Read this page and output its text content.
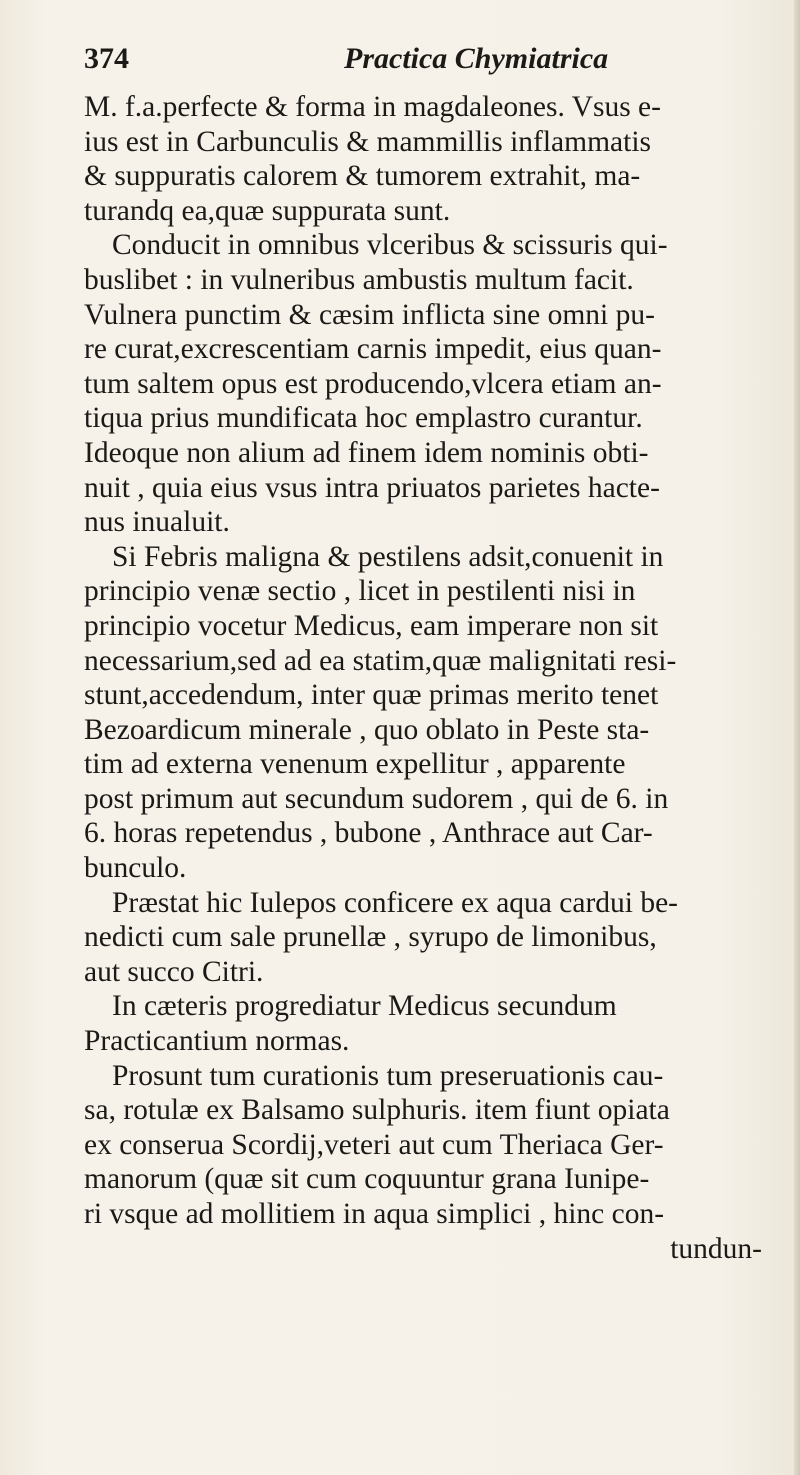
374	Practica Chymiatrica
M. f.a.perfecte & forma in magdaleones. Vsus e-
ius est in Carbunculis & mammillis inflammatis
& suppuratis calorem & tumorem extrahit, ma-
turandq ea,quæ suppurata sunt.
Conducit in omnibus vlceribus & scissuris qui-
buslibet : in vulneribus ambustis multum facit.
Vulnera punctim & cæsim inflicta sine omni pu-
re curat,excrescentiam carnis impedit, eius quan-
tum saltem opus est producendo,vlcera etiam an-
tiqua prius mundificata hoc emplastro curantur.
Ideoque non alium ad finem idem nominis obti-
nuit , quia eius vsus intra priuatos parietes hacte-
nus inualuit.
Si Febris maligna & pestilens adsit,conuenit in
principio venæ sectio , licet in pestilenti nisi in
principio vocetur Medicus, eam imperare non sit
necessarium,sed ad ea statim,quæ malignitati resi-
stunt,accedendum, inter quæ primas merito tenet
Bezoardicum minerale , quo oblato in Peste sta-
tim ad externa venenum expellitur , apparente
post primum aut secundum sudorem , qui de 6. in
6. horas repetendus , bubone , Anthrace aut Car-
bunculo.
Præstat hic Iulepos conficere ex aqua cardui be-
nedicti cum sale prunellæ , syrupo de limonibus,
aut succo Citri.
In cæteris progrediatur Medicus secundum
Practicantium normas.
Prosunt tum curationis tum preseruationis cau-
sa, rotulæ ex Balsamo sulphuris. item fiunt opiata
ex conserua Scordij,veteri aut cum Theriaca Ger-
manorum (quæ sit cum coquuntur grana Iunipe-
ri vsque ad mollitiem in aqua simplici , hinc con-
tundun-
